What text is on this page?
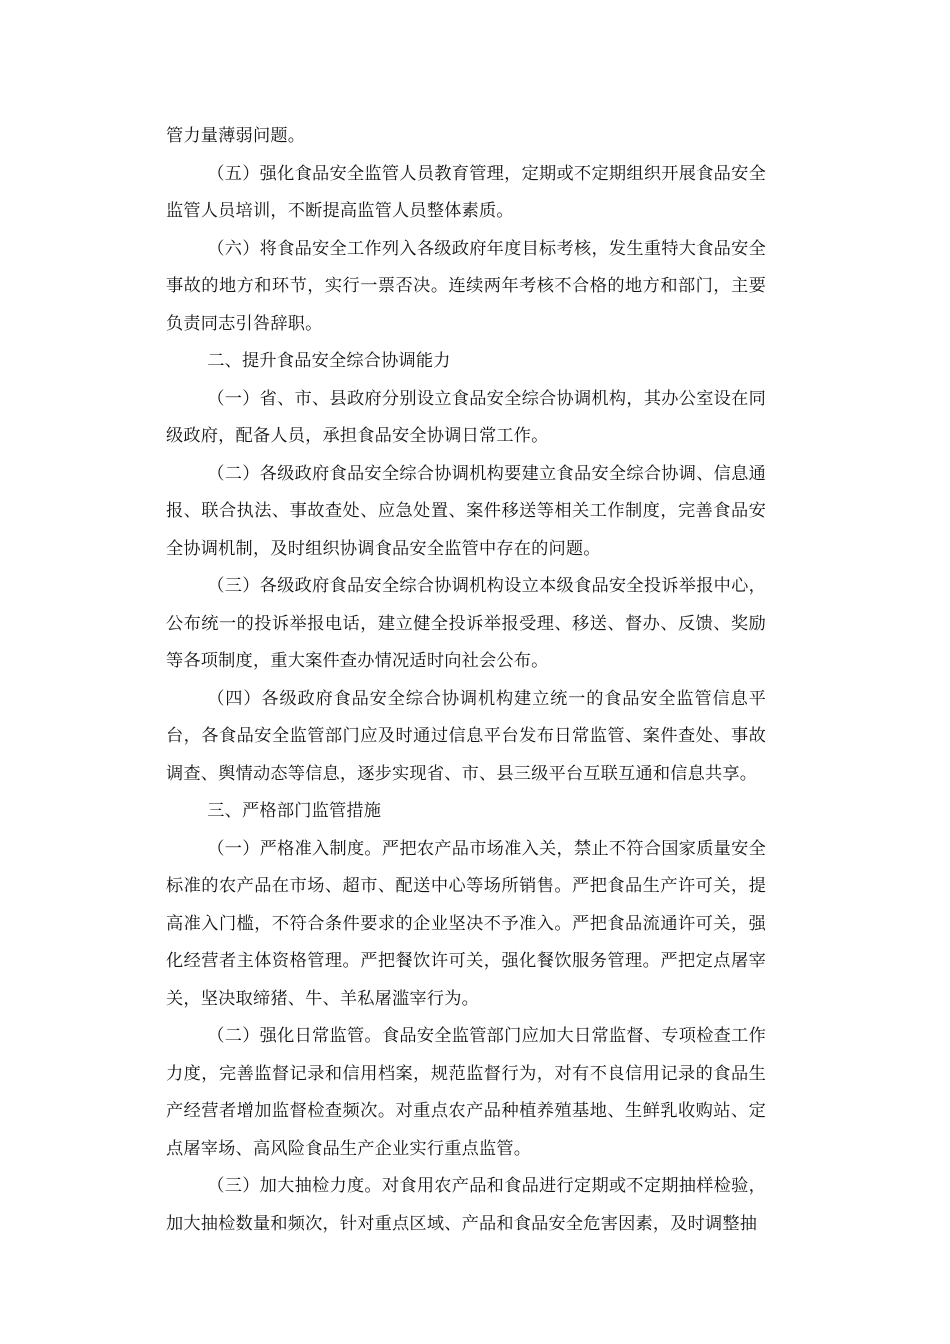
管力量薄弱问题。

（五）强化食品安全监管人员教育管理，定期或不定期组织开展食品安全监管人员培训，不断提高监管人员整体素质。

（六）将食品安全工作列入各级政府年度目标考核，发生重特大食品安全事故的地方和环节，实行一票否决。连续两年考核不合格的地方和部门，主要负责同志引咎辞职。

二、提升食品安全综合协调能力

（一）省、市、县政府分别设立食品安全综合协调机构，其办公室设在同级政府，配备人员，承担食品安全协调日常工作。

（二）各级政府食品安全综合协调机构要建立食品安全综合协调、信息通报、联合执法、事故查处、应急处置、案件移送等相关工作制度，完善食品安全协调机制，及时组织协调食品安全监管中存在的问题。

（三）各级政府食品安全综合协调机构设立本级食品安全投诉举报中心，公布统一的投诉举报电话，建立健全投诉举报受理、移送、督办、反馈、奖励等各项制度，重大案件查办情况适时向社会公布。

（四）各级政府食品安全综合协调机构建立统一的食品安全监管信息平台，各食品安全监管部门应及时通过信息平台发布日常监管、案件查处、事故调查、舆情动态等信息，逐步实现省、市、县三级平台互联互通和信息共享。

三、严格部门监管措施

（一）严格准入制度。严把农产品市场准入关，禁止不符合国家质量安全标准的农产品在市场、超市、配送中心等场所销售。严把食品生产许可关，提高准入门槛，不符合条件要求的企业坚决不予准入。严把食品流通许可关，强化经营者主体资格管理。严把餐饮许可关，强化餐饮服务管理。严把定点屠宰关，坚决取缔猪、牛、羊私屠滥宰行为。

（二）强化日常监管。食品安全监管部门应加大日常监督、专项检查工作力度，完善监督记录和信用档案，规范监督行为，对有不良信用记录的食品生产经营者增加监督检查频次。对重点农产品种植养殖基地、生鲜乳收购站、定点屠宰场、高风险食品生产企业实行重点监管。

（三）加大抽检力度。对食用农产品和食品进行定期或不定期抽样检验，加大抽检数量和频次，针对重点区域、产品和食品安全危害因素，及时调整抽
